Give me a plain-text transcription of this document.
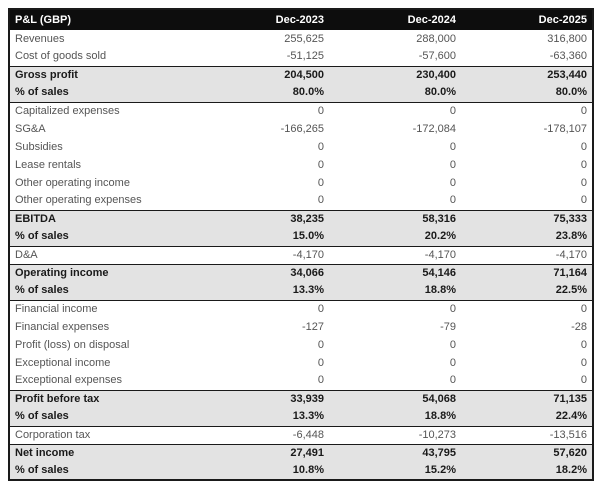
P&L (GBP)	Dec-2023	Dec-2024	Dec-2025
Revenues	255,625	288,000	316,800
Cost of goods sold	-51,125	-57,600	-63,360
Gross profit	204,500	230,400	253,440
% of sales	80.0%	80.0%	80.0%
Capitalized expenses	0	0	0
SG&A	-166,265	-172,084	-178,107
Subsidies	0	0	0
Lease rentals	0	0	0
Other operating income	0	0	0
Other operating expenses	0	0	0
EBITDA	38,235	58,316	75,333
% of sales	15.0%	20.2%	23.8%
D&A	-4,170	-4,170	-4,170
Operating income	34,066	54,146	71,164
% of sales	13.3%	18.8%	22.5%
Financial income	0	0	0
Financial expenses	-127	-79	-28
Profit (loss) on disposal	0	0	0
Exceptional income	0	0	0
Exceptional expenses	0	0	0
Profit before tax	33,939	54,068	71,135
% of sales	13.3%	18.8%	22.4%
Corporation tax	-6,448	-10,273	-13,516
Net income	27,491	43,795	57,620
% of sales	10.8%	15.2%	18.2%
